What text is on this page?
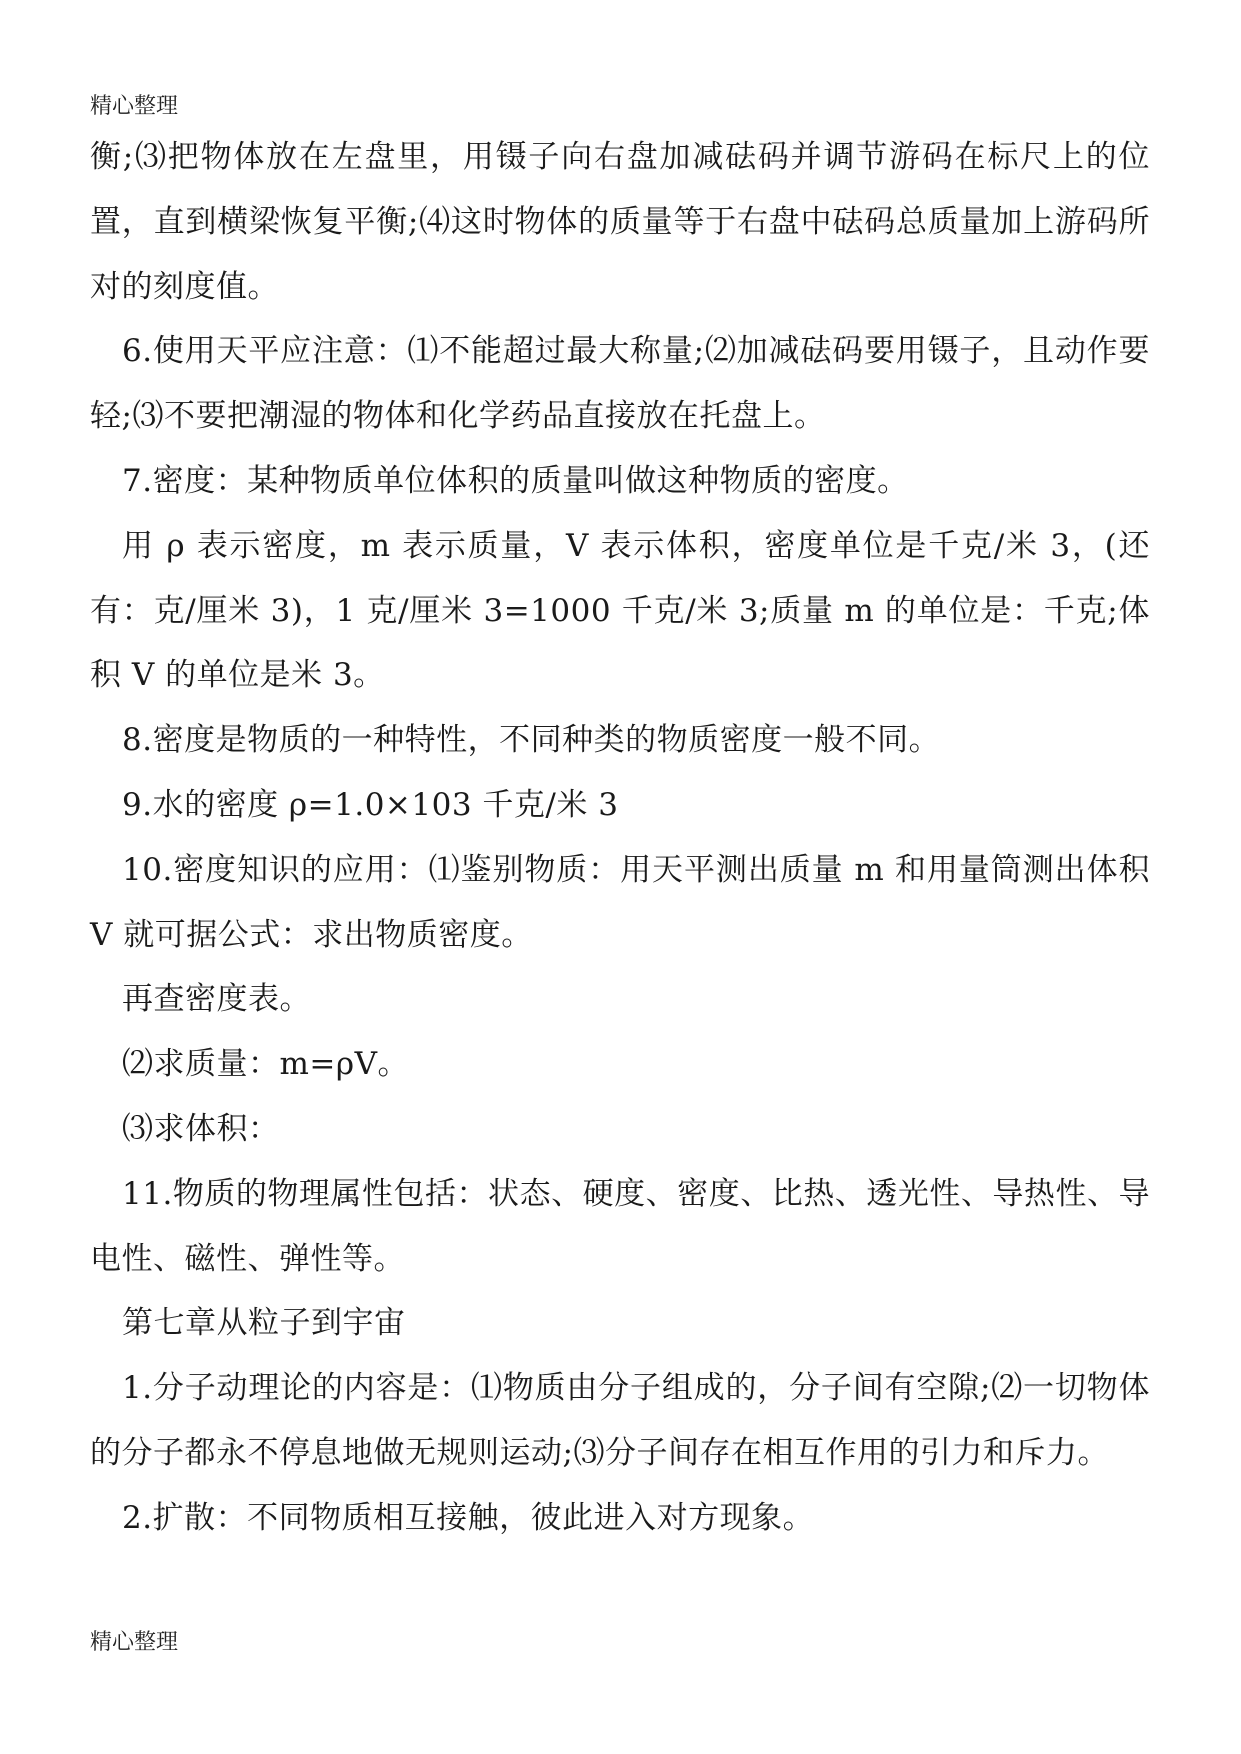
精心整理

衡;⑶把物体放在左盘里，用镊子向右盘加减砝码并调节游码在标尺上的位置，直到横梁恢复平衡;⑷这时物体的质量等于右盘中砝码总质量加上游码所对的刻度值。

6.使用天平应注意：⑴不能超过最大称量;⑵加减砝码要用镊子，且动作要轻;⑶不要把潮湿的物体和化学药品直接放在托盘上。

7.密度：某种物质单位体积的质量叫做这种物质的密度。

用 ρ 表示密度，m 表示质量，V 表示体积，密度单位是千克/米 3，(还有：克/厘米 3)，1 克/厘米 3=1000 千克/米 3;质量 m 的单位是：千克;体积 V 的单位是米 3。

8.密度是物质的一种特性，不同种类的物质密度一般不同。

9.水的密度 ρ=1.0×103 千克/米 3

10.密度知识的应用：⑴鉴别物质：用天平测出质量 m 和用量筒测出体积 V 就可据公式：求出物质密度。

再查密度表。

⑵求质量：m=ρV。

⑶求体积：

11.物质的物理属性包括：状态、硬度、密度、比热、透光性、导热性、导电性、磁性、弹性等。

第七章从粒子到宇宙

1.分子动理论的内容是：⑴物质由分子组成的，分子间有空隙;⑵一切物体的分子都永不停息地做无规则运动;⑶分子间存在相互作用的引力和斥力。

2.扩散：不同物质相互接触，彼此进入对方现象。

精心整理
